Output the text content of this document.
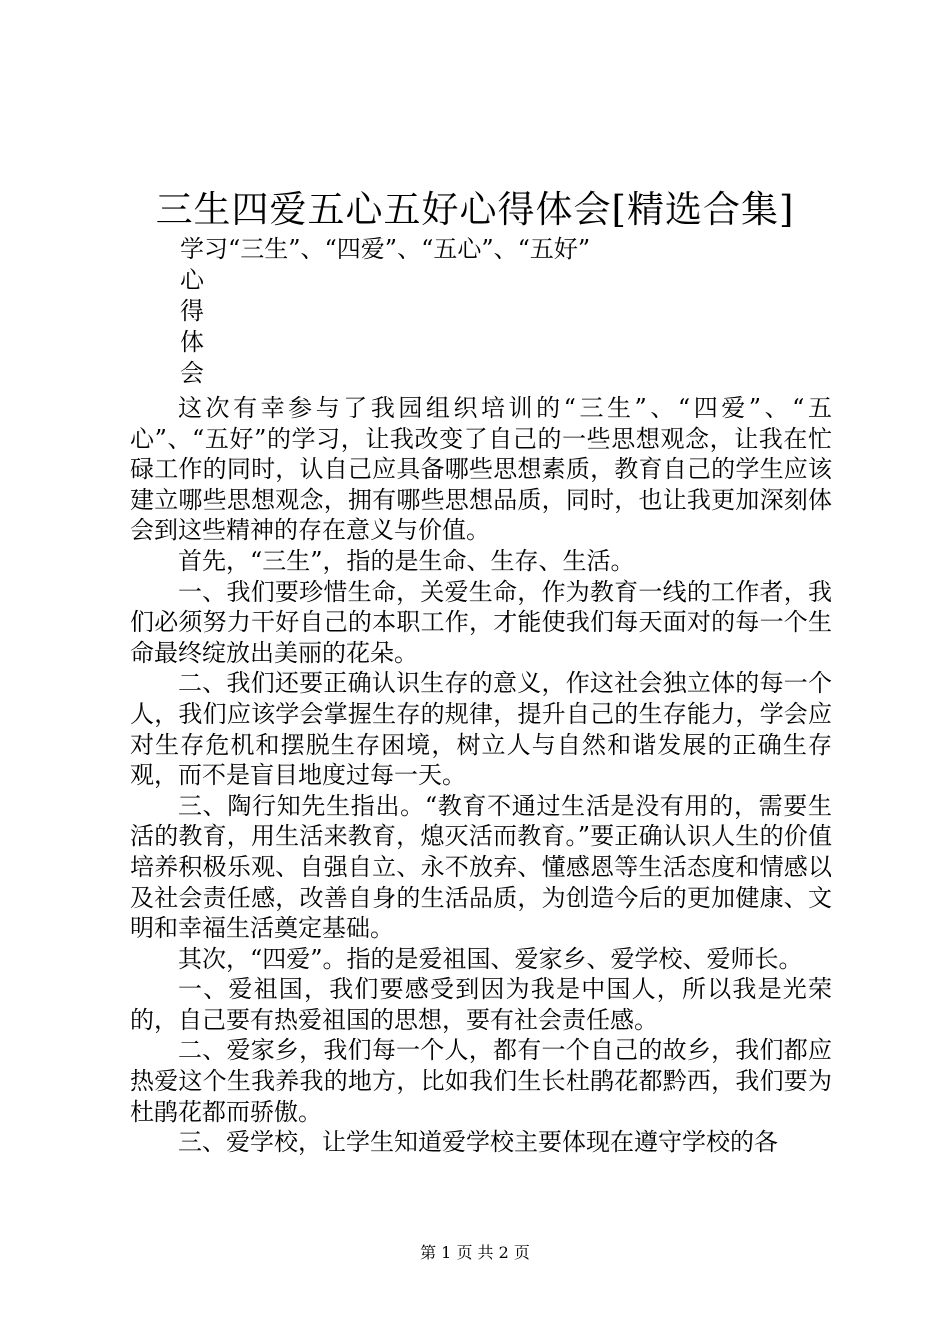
三生四爱五心五好心得体会[精选合集]
学习“三生”、“四爱”、“五心”、“五好”
心
得
体
会

这次有幸参与了我园组织培训的“三生”、“四爱”、“五心”、“五好”的学习，让我改变了自己的一些思想观念，让我在忙碌工作的同时，认自己应具备哪些思想素质，教育自己的学生应该建立哪些思想观念，拥有哪些思想品质，同时，也让我更加深刻体会到这些精神的存在意义与价值。

首先，“三生”，指的是生命、生存、生活。

一、我们要珍惜生命，关爱生命，作为教育一线的工作者，我们必须努力干好自己的本职工作，才能使我们每天面对的每一个生命最终绽放出美丽的花朵。

二、我们还要正确认识生存的意义，作这社会独立体的每一个人，我们应该学会掌握生存的规律，提升自己的生存能力，学会应对生存危机和摆脱生存困境，树立人与自然和谐发展的正确生存观，而不是盲目地度过每一天。

三、陶行知先生指出。“教育不通过生活是没有用的，需要生活的教育，用生活来教育，熄灭活而教育。”要正确认识人生的价值培养积极乐观、自强自立、永不放弃、懂感恩等生活态度和情感以及社会责任感，改善自身的生活品质，为创造今后的更加健康、文明和幸福生活奠定基础。

其次，“四爱”。指的是爱祖国、爱家乡、爱学校、爱师长。

一、爱祖国，我们要感受到因为我是中国人，所以我是光荣的，自己要有热爱祖国的思想，要有社会责任感。

二、爱家乡，我们每一个人，都有一个自己的故乡，我们都应热爱这个生我养我的地方，比如我们生长杜鹃花都黔西，我们要为杜鹃花都而骄傲。

三、爱学校，让学生知道爱学校主要体现在遵守学校的各

第 1 页 共 2 页
